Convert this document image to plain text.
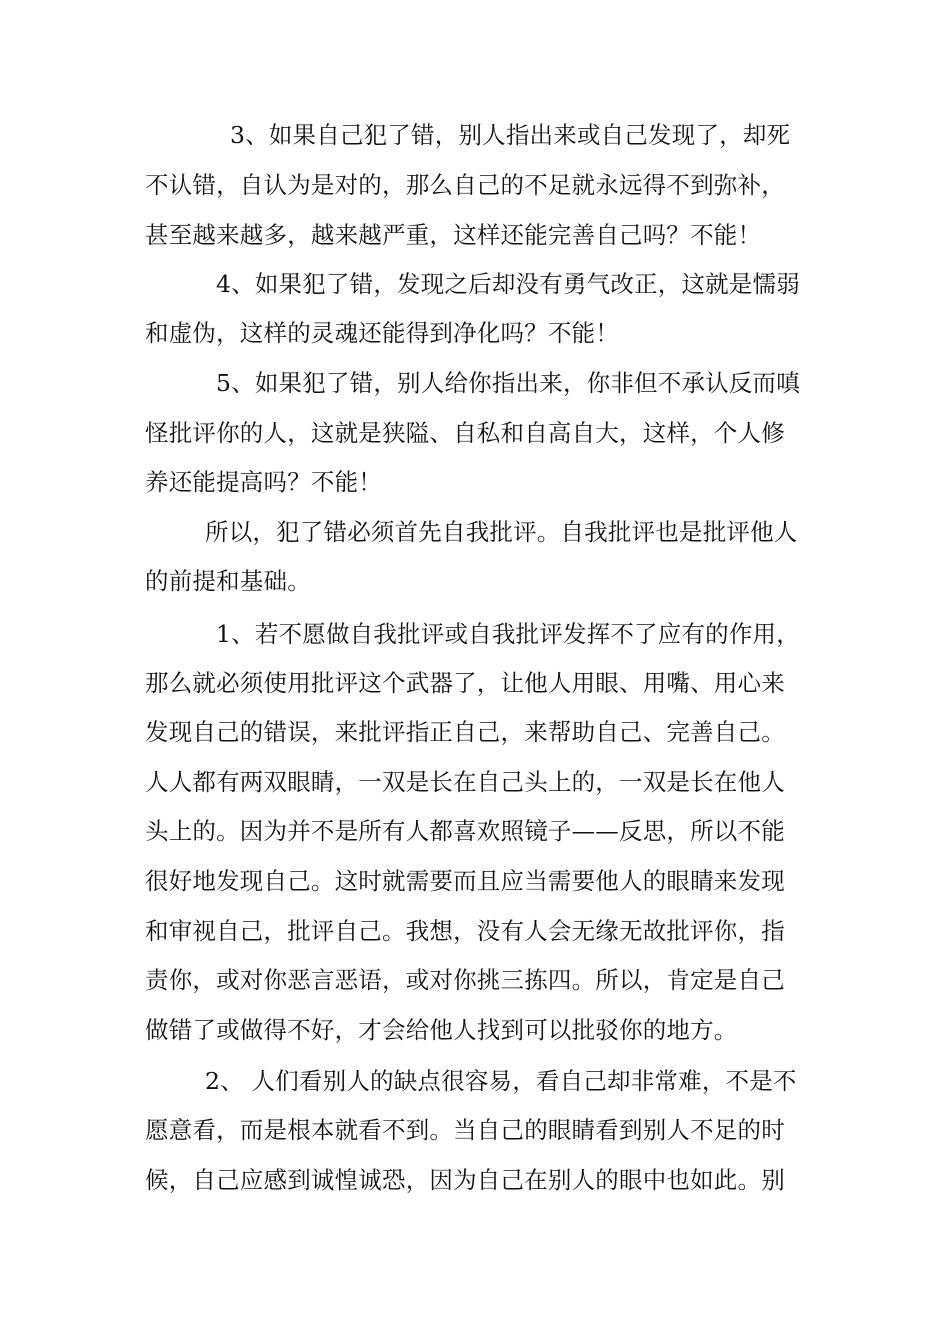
3、如果自己犯了错，别人指出来或自己发现了，却死
不认错，自认为是对的，那么自己的不足就永远得不到弥补，
甚至越来越多，越来越严重，这样还能完善自己吗？不能！
4、如果犯了错，发现之后却没有勇气改正，这就是懦弱
和虚伪，这样的灵魂还能得到净化吗？不能！
5、如果犯了错，别人给你指出来，你非但不承认反而嗔
怪批评你的人，这就是狭隘、自私和自高自大，这样，个人修
养还能提高吗？不能！
所以，犯了错必须首先自我批评。自我批评也是批评他人
的前提和基础。
1、若不愿做自我批评或自我批评发挥不了应有的作用，
那么就必须使用批评这个武器了，让他人用眼、用嘴、用心来
发现自己的错误，来批评指正自己，来帮助自己、完善自己。
人人都有两双眼睛，一双是长在自己头上的，一双是长在他人
头上的。因为并不是所有人都喜欢照镜子——反思，所以不能
很好地发现自己。这时就需要而且应当需要他人的眼睛来发现
和审视自己，批评自己。我想，没有人会无缘无故批评你，指
责你，或对你恶言恶语，或对你挑三拣四。所以，肯定是自己
做错了或做得不好，才会给他人找到可以批驳你的地方。
2、 人们看别人的缺点很容易，看自己却非常难，不是不
愿意看，而是根本就看不到。当自己的眼睛看到别人不足的时
候，自己应感到诚惶诚恐，因为自己在别人的眼中也如此。别
